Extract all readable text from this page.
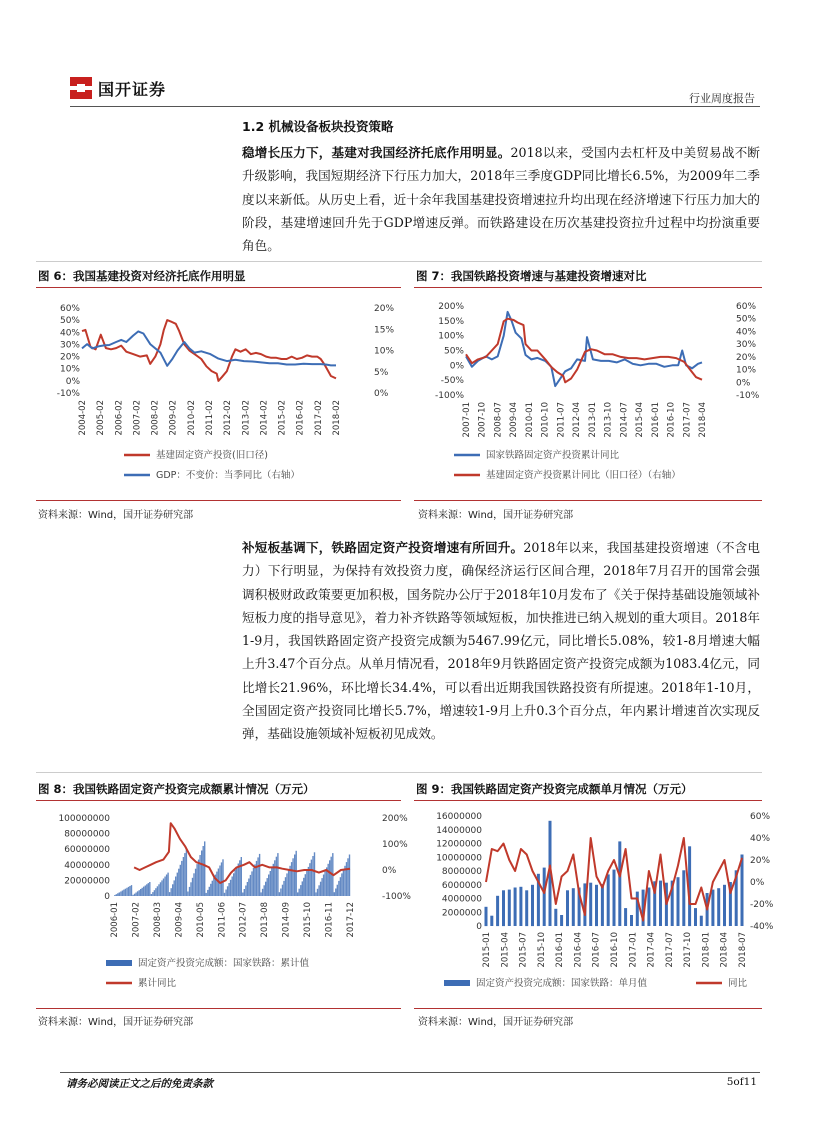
国开证券	行业周度报告
1.2 机械设备板块投资策略
稳增长压力下，基建对我国经济托底作用明显。2018以来，受国内去杠杆及中美贸易战不断升级影响，我国短期经济下行压力加大，2018年三季度GDP同比增长6.5%，为2009年二季度以来新低。从历史上看，近十余年我国基建投资增速拉升均出现在经济增速下行压力加大的阶段，基建增速回升先于GDP增速反弹。而铁路建设在历次基建投资拉升过程中均扮演重要角色。
图 6：我国基建投资对经济托底作用明显	图 7：我国铁路投资增速与基建投资增速对比
60%
50%
40%
30%
20%
10%
0%
-10%
20%
15%
10%
5%
0%
2004-02 2005-02 2006-02 2007-02 2008-02 2009-02 2010-02 2011-02 2012-02 2013-02 2014-02 2015-02 2016-02 2017-02 2018-02
基建固定资产投资(旧口径)
GDP：不变价：当季同比（右轴）
200%
150%
100%
50%
0%
-50%
-100%
60%
50%
40%
30%
20%
10%
0%
-10%
2007-01 2007-10 2008-07 2009-04 2010-01 2010-10 2011-07 2012-04 2013-01 2013-10 2014-07 2015-04 2016-01 2016-10 2017-07 2018-04
国家铁路固定资产投资累计同比
基建固定资产投资累计同比（旧口径）（右轴）
资料来源：Wind，国开证券研究部	资料来源：Wind，国开证券研究部
补短板基调下，铁路固定资产投资增速有所回升。2018年以来，我国基建投资增速（不含电力）下行明显，为保持有效投资力度，确保经济运行区间合理，2018年7月召开的国常会强调积极财政政策要更加积极，国务院办公厅于2018年10月发布了《关于保持基础设施领域补短板力度的指导意见》，着力补齐铁路等领域短板，加快推进已纳入规划的重大项目。2018年1-9月，我国铁路固定资产投资完成额为5467.99亿元，同比增长5.08%，较1-8月增速大幅上升3.47个百分点。从单月情况看，2018年9月铁路固定资产投资完成额为1083.4亿元，同比增长21.96%，环比增长34.4%，可以看出近期我国铁路投资有所提速。2018年1-10月，全国固定资产投资同比增长5.7%，增速较1-9月上升0.3个百分点，年内累计增速首次实现反弹，基础设施领域补短板初见成效。
图 8：我国铁路固定资产投资完成额累计情况（万元）	图 9：我国铁路固定资产投资完成额单月情况（万元）
100000000
80000000
60000000
40000000
20000000
0
200%
100%
0%
-100%
2006-01 2007-02 2008-03 2009-04 2010-05 2011-06 2012-07 2013-08 2014-09 2015-10 2016-11 2017-12
固定资产投资完成额：国家铁路：累计值
累计同比
16000000
14000000
12000000
10000000
8000000
6000000
4000000
2000000
0
60%
40%
20%
0%
-20%
-40%
2015-01 2015-04 2015-07 2015-10 2016-01 2016-04 2016-07 2016-10 2017-01 2017-04 2017-07 2017-10 2018-01 2018-04 2018-07
固定资产投资完成额：国家铁路：单月值	同比
资料来源：Wind，国开证券研究部	资料来源：Wind，国开证券研究部
请务必阅读正文之后的免责条款	5of11
